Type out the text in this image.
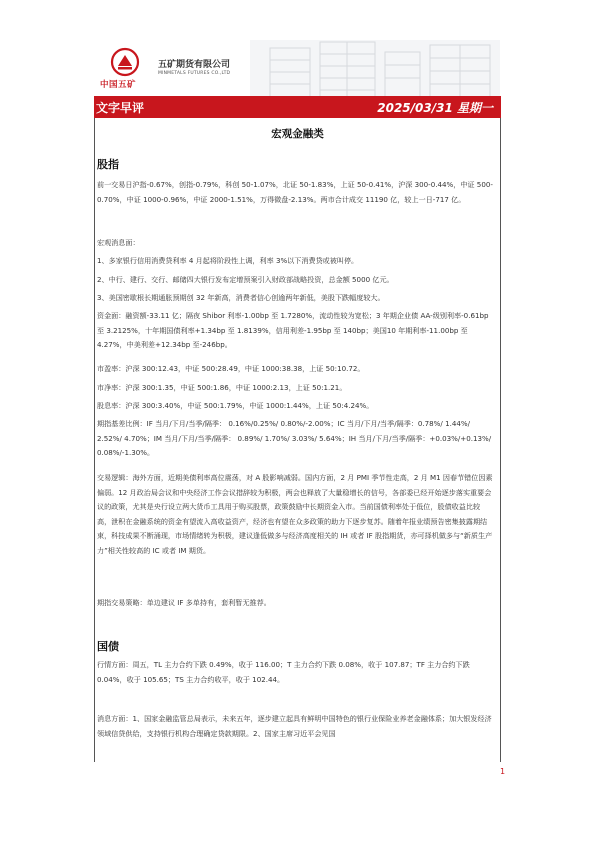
中国五矿
五矿期货有限公司
MINMETALS FUTURES CO.,LTD
文字早评	2025/03/31 星期一
宏观金融类
股指

前一交易日沪指-0.67%，创指-0.79%，科创 50-1.07%，北证 50-1.83%，上证 50-0.41%，沪深 300-0.44%，中证 500-0.70%，中证 1000-0.96%，中证 2000-1.51%，万得微盘-2.13%。两市合计成交 11190 亿，较上一日-717 亿。

宏观消息面：

1、多家银行信用消费贷利率 4 月起将阶段性上调，利率 3%以下消费贷或被叫停。

2、中行、建行、交行、邮储四大银行发布定增预案引入财政部战略投资，总金额 5000 亿元。

3、美国密歇根长期通胀预期创 32 年新高，消费者信心创逾两年新低，美股下跌幅度较大。

资金面：融资额-33.11 亿；隔夜 Shibor 利率-1.00bp 至 1.7280%，流动性较为宽松；3 年期企业债 AA-级别利率-0.61bp 至 3.2125%，十年期国债利率+1.34bp 至 1.8139%，信用利差-1.95bp 至 140bp；美国10 年期利率-11.00bp 至 4.27%，中美利差+12.34bp 至-246bp。

市盈率：沪深 300:12.43，中证 500:28.49，中证 1000:38.38，上证 50:10.72。

市净率：沪深 300:1.35，中证 500:1.86，中证 1000:2.13，上证 50:1.21。

股息率：沪深 300:3.40%，中证 500:1.79%，中证 1000:1.44%，上证 50:4.24%。

期指基差比例：IF 当月/下月/当季/隔季： 0.16%/0.25%/ 0.80%/-2.00%；IC 当月/下月/当季/隔季：0.78%/ 1.44%/ 2.52%/ 4.70%；IM 当月/下月/当季/隔季： 0.89%/ 1.70%/ 3.03%/ 5.64%；IH 当月/下月/当季/隔季：+0.03%/+0.13%/ 0.08%/-1.30%。

交易逻辑：海外方面，近期美债利率高位震荡，对 A 股影响减弱。国内方面，2 月 PMI 季节性走高，2 月 M1 因春节错位因素偏弱。12 月政治局会议和中央经济工作会议措辞较为积极，两会也释放了大量稳增长的信号，各部委已经开始逐步落实重要会议的政策，尤其是央行设立两大货币工具用于购买股票，政策鼓励中长期资金入市。当前国债利率处于低位，股债收益比较高，泄积在金融系统的资金有望流入高收益资产，经济也有望在众多政策的助力下逐步复苏。随着年报业绩预告密集披露期结束，科技成果不断涌现，市场情绪转为积极，建议逢低做多与经济高度相关的 IH 或者 IF 股指期货，亦可择机做多与“新质生产力”相关性较高的 IC 或者 IM 期货。

期指交易策略：单边建议 IF 多单持有，套利暂无推荐。

国债

行情方面：周五，TL 主力合约下跌 0.49%，收于 116.00；T 主力合约下跌 0.08%，收于 107.87；TF 主力合约下跌 0.04%，收于 105.65；TS 主力合约收平，收于 102.44。

消息方面：1、国家金融监管总局表示，未来五年，逐步建立起具有鲜明中国特色的银行业保险业养老金融体系；加大银发经济领域信贷供给，支持银行机构合理确定贷款期限。2、国家主席习近平会见国

1
